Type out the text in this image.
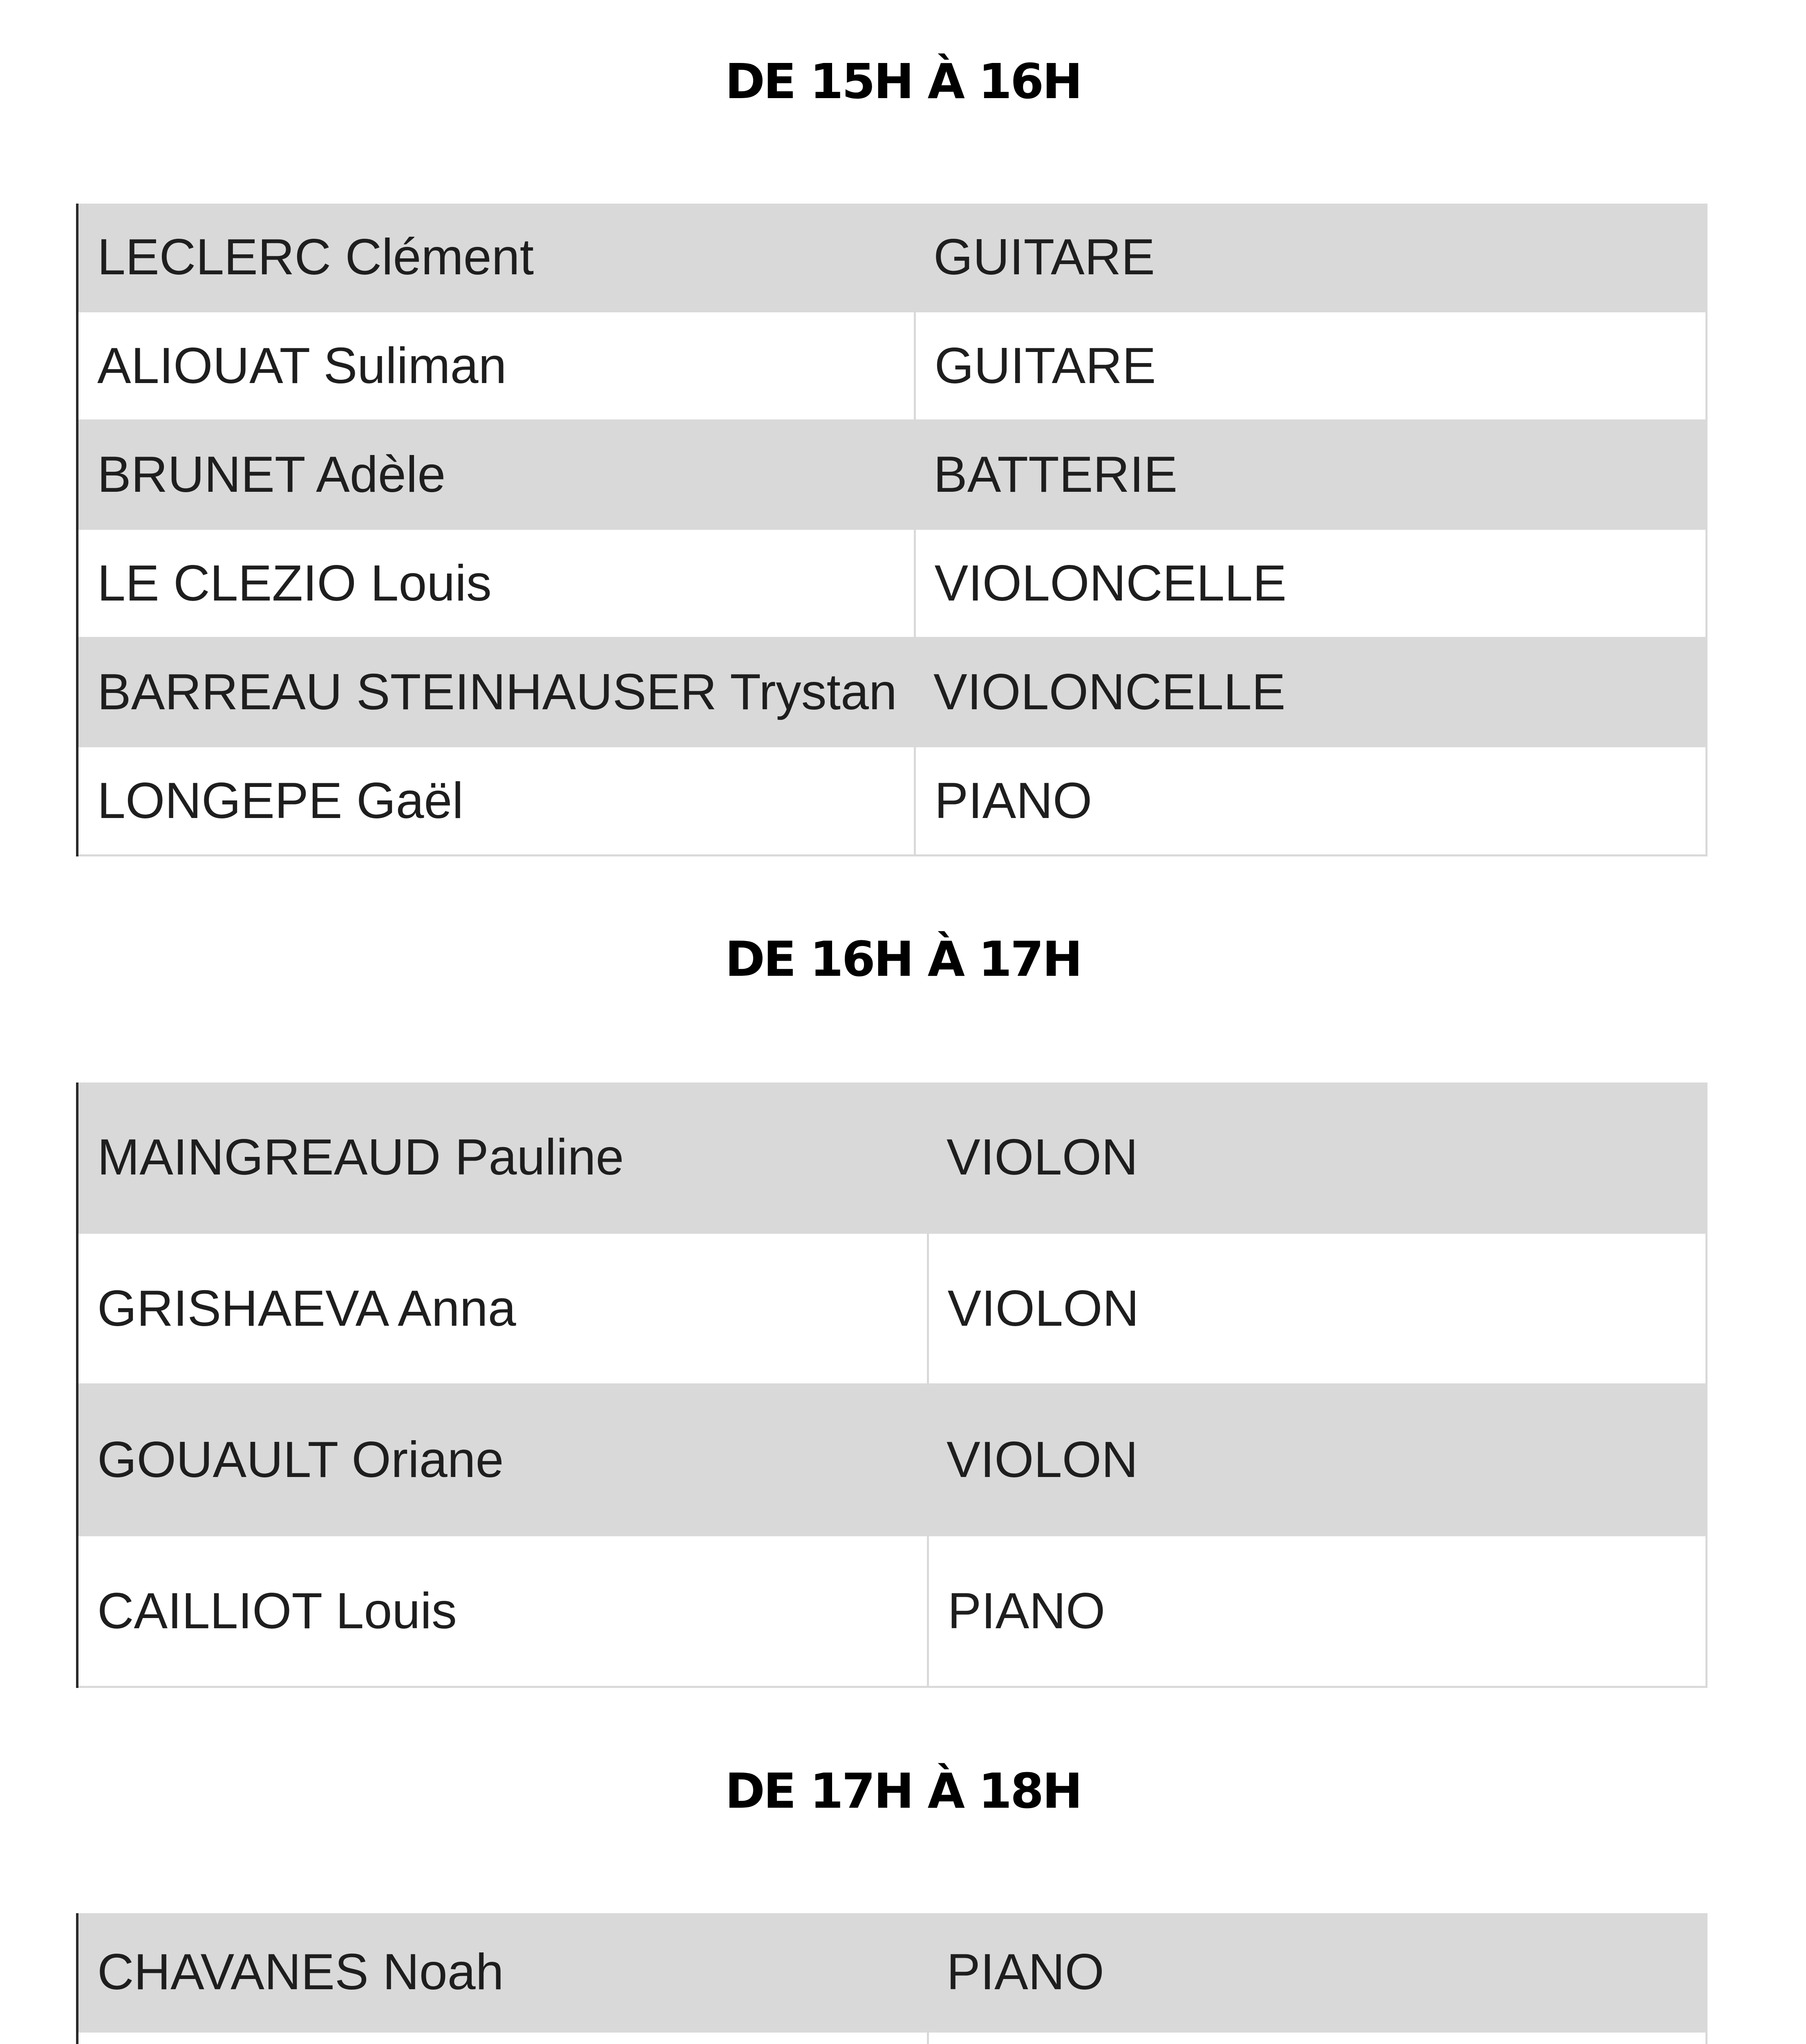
DE 15H À 16H
LECLERC Clément	GUITARE
ALIOUAT Suliman	GUITARE
BRUNET Adèle	BATTERIE
LE CLEZIO Louis	VIOLONCELLE
BARREAU STEINHAUSER Trystan	VIOLONCELLE
LONGEPE Gaël	PIANO
DE 16H À 17H
MAINGREAUD Pauline	VIOLON
GRISHAEVA Anna	VIOLON
GOUAULT Oriane	VIOLON
CAILLIOT Louis	PIANO
DE 17H À 18H
CHAVANES Noah	PIANO
